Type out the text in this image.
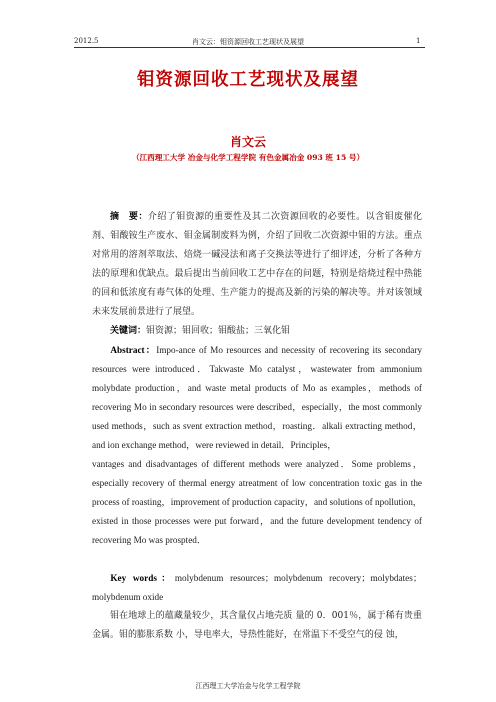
2012.5	肖文云：钼资源回收工艺现状及展望	1
钼资源回收工艺现状及展望
肖文云
（江西理工大学 冶金与化学工程学院 有色金属冶金 093 班 15 号）

摘　要：介绍了钼资源的重要性及其二次资源回收的必要性。以含钼废催化剂、钼酸铵生产废水、钼金属制废料为例，介绍了回收二次资源中钼的方法。重点对常用的溶剂萃取法、焙烧一碱浸法和离子交换法等进行了细评述，分析了各种方法的原理和优缺点。最后提出当前回收工艺中存在的问题，特别是焙烧过程中热能的回和低浓度有毒气体的处理、生产能力的提高及新的污染的解决等。并对该领域未来发展前景进行了展望。

关键词：钼资源；钼回收；钼酸盐；三氧化钼

Abstract：Impo-ance of Mo resources and necessity of recovering its secondary resources were introduced．Takwaste Mo catalyst，wastewater from ammonium molybdate production，and waste metal products of Mo as examples，methods of recovering Mo in secondary resources were described，especially，the most commonly used methods，such as svent extraction method，roasting．alkali extracting method，and ion exchange method，were reviewed in detail．Principles，

vantages and disadvantages of different methods were analyzed．Some problems，especially recovery of thermal energy atreatment of low concentration toxic gas in the process of roasting，improvement of production capacity，and solutions of npollution，existed in those processes were put forward，and the future development tendency of recovering Mo was prospted．

Key words：molybdenum resources；molybdenum recovery；molybdates；molybdenum oxide

钼在地球上的蕴藏量较少，其含量仅占地壳质 量的 0．001％，属于稀有贵重金属。钼的膨胀系数 小，导电率大，导热性能好，在常温下不受空气的侵 蚀，

江西理工大学冶金与化学工程学院
